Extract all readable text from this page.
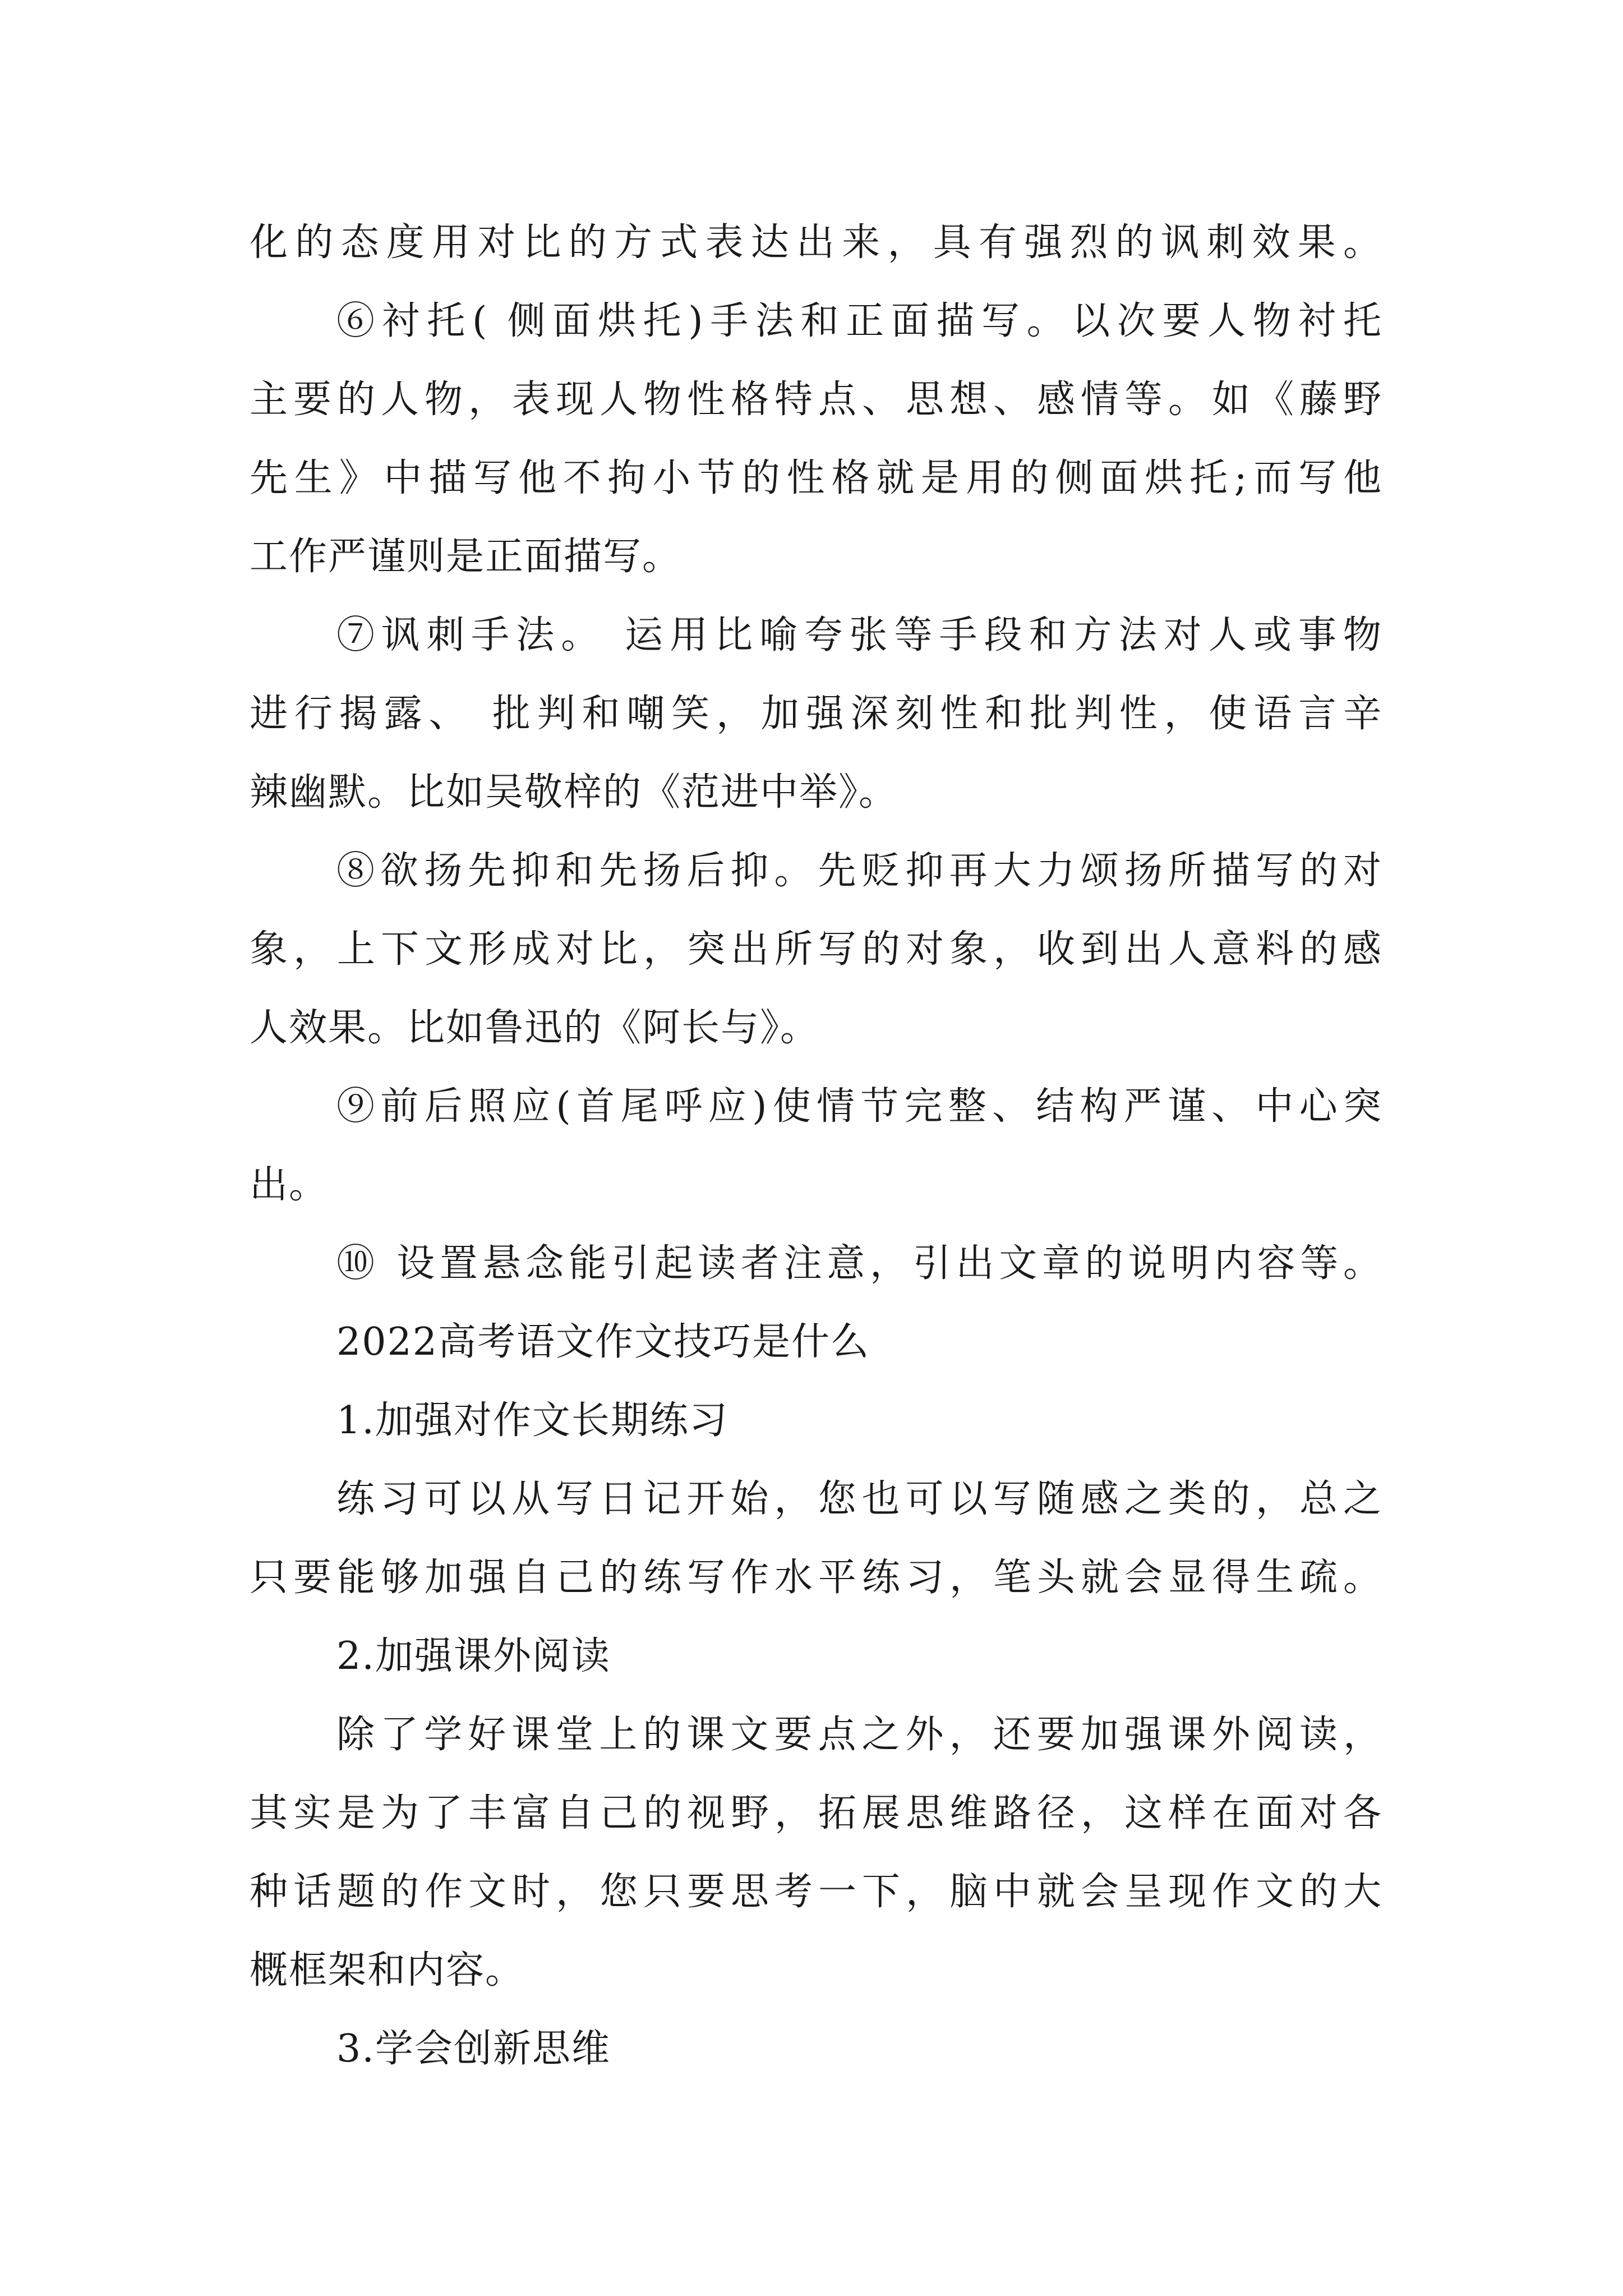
化的态度用对比的方式表达出来，具有强烈的讽刺效果。

⑥衬托( 侧面烘托)手法和正面描写。以次要人物衬托

主要的人物，表现人物性格特点、思想、感情等。如《藤野

先生》中描写他不拘小节的性格就是用的侧面烘托;而写他

工作严谨则是正面描写。

⑦讽刺手法。 运用比喻夸张等手段和方法对人或事物

进行揭露、 批判和嘲笑，加强深刻性和批判性，使语言辛

辣幽默。比如吴敬梓的《范进中举》。

⑧欲扬先抑和先扬后抑。先贬抑再大力颂扬所描写的对

象，上下文形成对比，突出所写的对象，收到出人意料的感

人效果。比如鲁迅的《阿长与》。

⑨前后照应(首尾呼应)使情节完整、结构严谨、中心突

出。

⑩ 设置悬念能引起读者注意，引出文章的说明内容等。

2022高考语文作文技巧是什么

1.加强对作文长期练习

练习可以从写日记开始，您也可以写随感之类的，总之

只要能够加强自己的练写作水平练习，笔头就会显得生疏。

2.加强课外阅读

除了学好课堂上的课文要点之外，还要加强课外阅读，

其实是为了丰富自己的视野，拓展思维路径，这样在面对各

种话题的作文时，您只要思考一下，脑中就会呈现作文的大

概框架和内容。

3.学会创新思维
